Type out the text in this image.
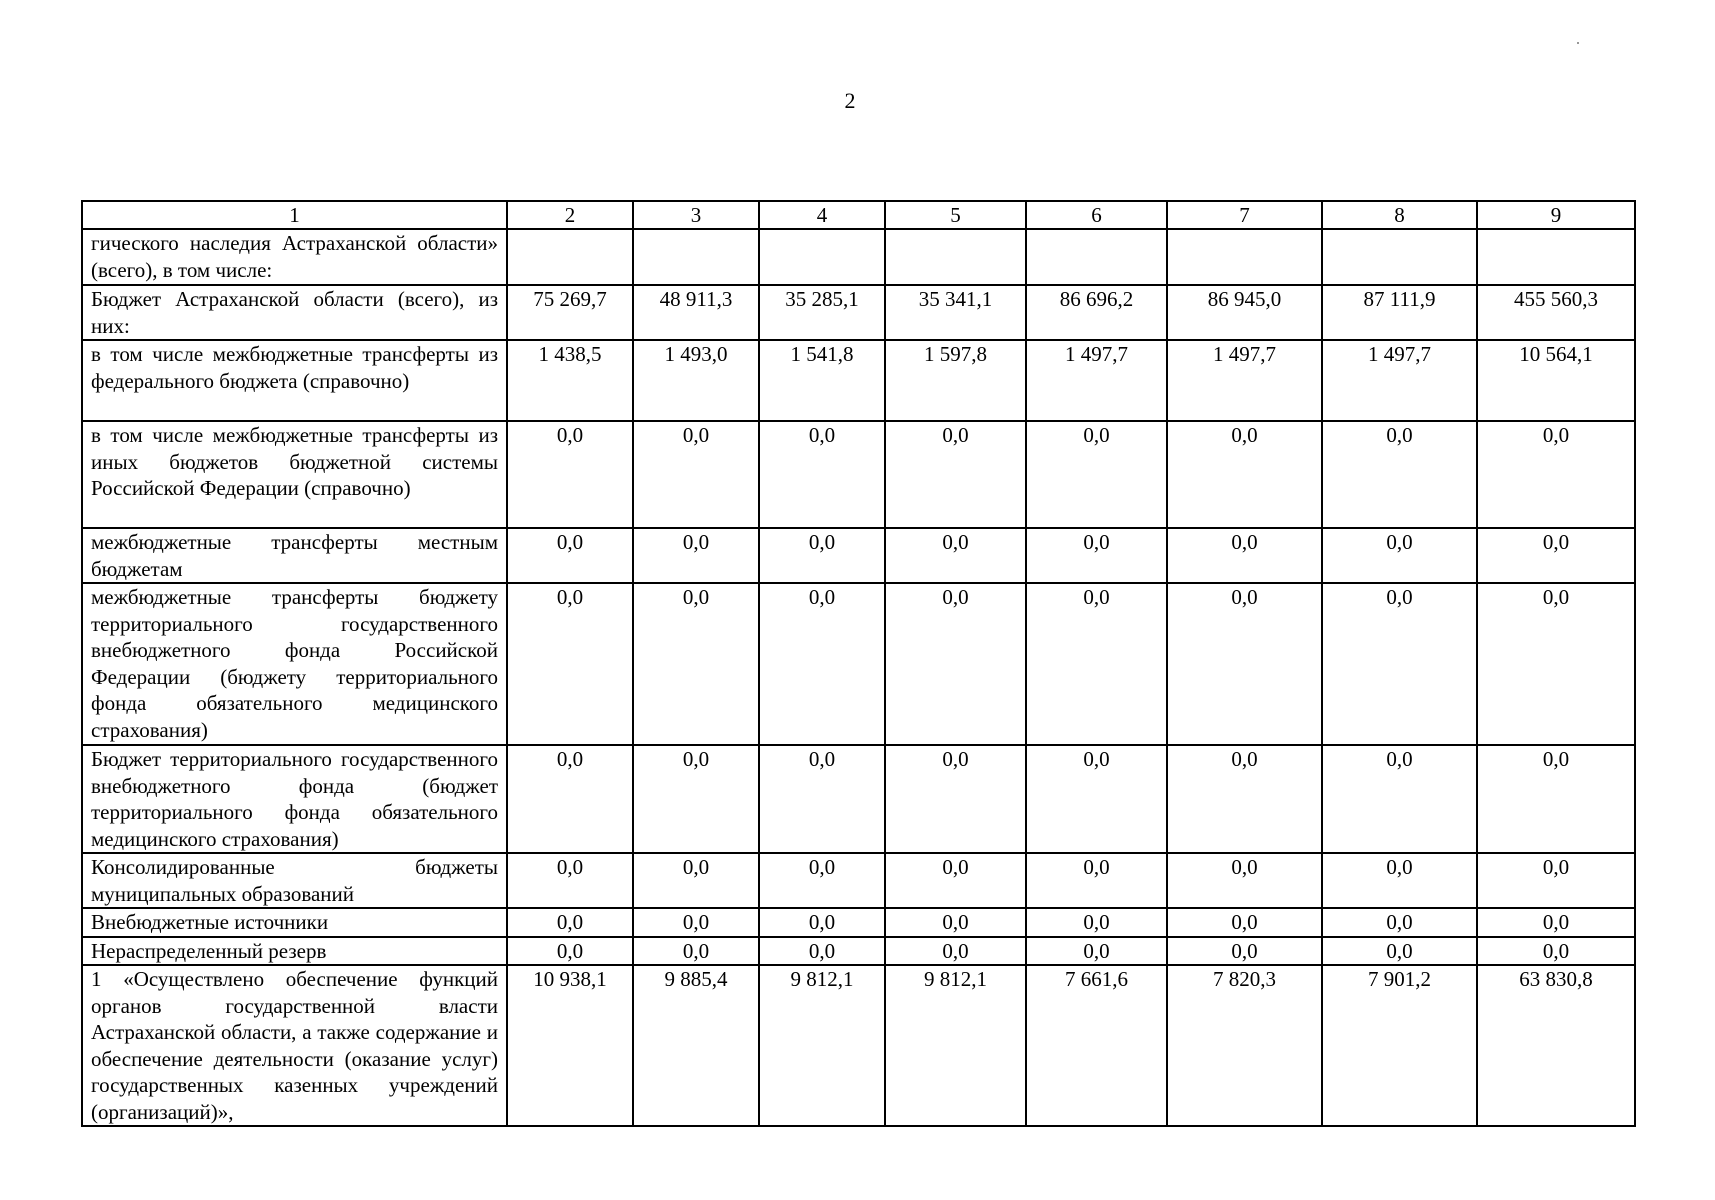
2
1	2	3	4	5	6	7	8	9
гического наследия Астраханской области» (всего), в том числе:								
Бюджет Астраханской области (всего), из них:	75 269,7	48 911,3	35 285,1	35 341,1	86 696,2	86 945,0	87 111,9	455 560,3
в том числе межбюджетные трансферты из федерального бюджета (справочно)	1 438,5	1 493,0	1 541,8	1 597,8	1 497,7	1 497,7	1 497,7	10 564,1
в том числе межбюджетные трансферты из иных бюджетов бюджетной системы Российской Федерации (справочно)	0,0	0,0	0,0	0,0	0,0	0,0	0,0	0,0
межбюджетные трансферты местным бюджетам	0,0	0,0	0,0	0,0	0,0	0,0	0,0	0,0
межбюджетные трансферты бюджету территориального государственного внебюджетного фонда Российской Федерации (бюджету территориального фонда обязательного медицинского страхования)	0,0	0,0	0,0	0,0	0,0	0,0	0,0	0,0
Бюджет территориального государственного внебюджетного фонда (бюджет территориального фонда обязательного медицинского страхования)	0,0	0,0	0,0	0,0	0,0	0,0	0,0	0,0
Консолидированные бюджеты муниципальных образований	0,0	0,0	0,0	0,0	0,0	0,0	0,0	0,0
Внебюджетные источники	0,0	0,0	0,0	0,0	0,0	0,0	0,0	0,0
Нераспределенный резерв	0,0	0,0	0,0	0,0	0,0	0,0	0,0	0,0
1 «Осуществлено обеспечение функций органов государственной власти Астраханской области, а также содержание и обеспечение деятельности (оказание услуг) государственных казенных учреждений (организаций)»,	10 938,1	9 885,4	9 812,1	9 812,1	7 661,6	7 820,3	7 901,2	63 830,8
